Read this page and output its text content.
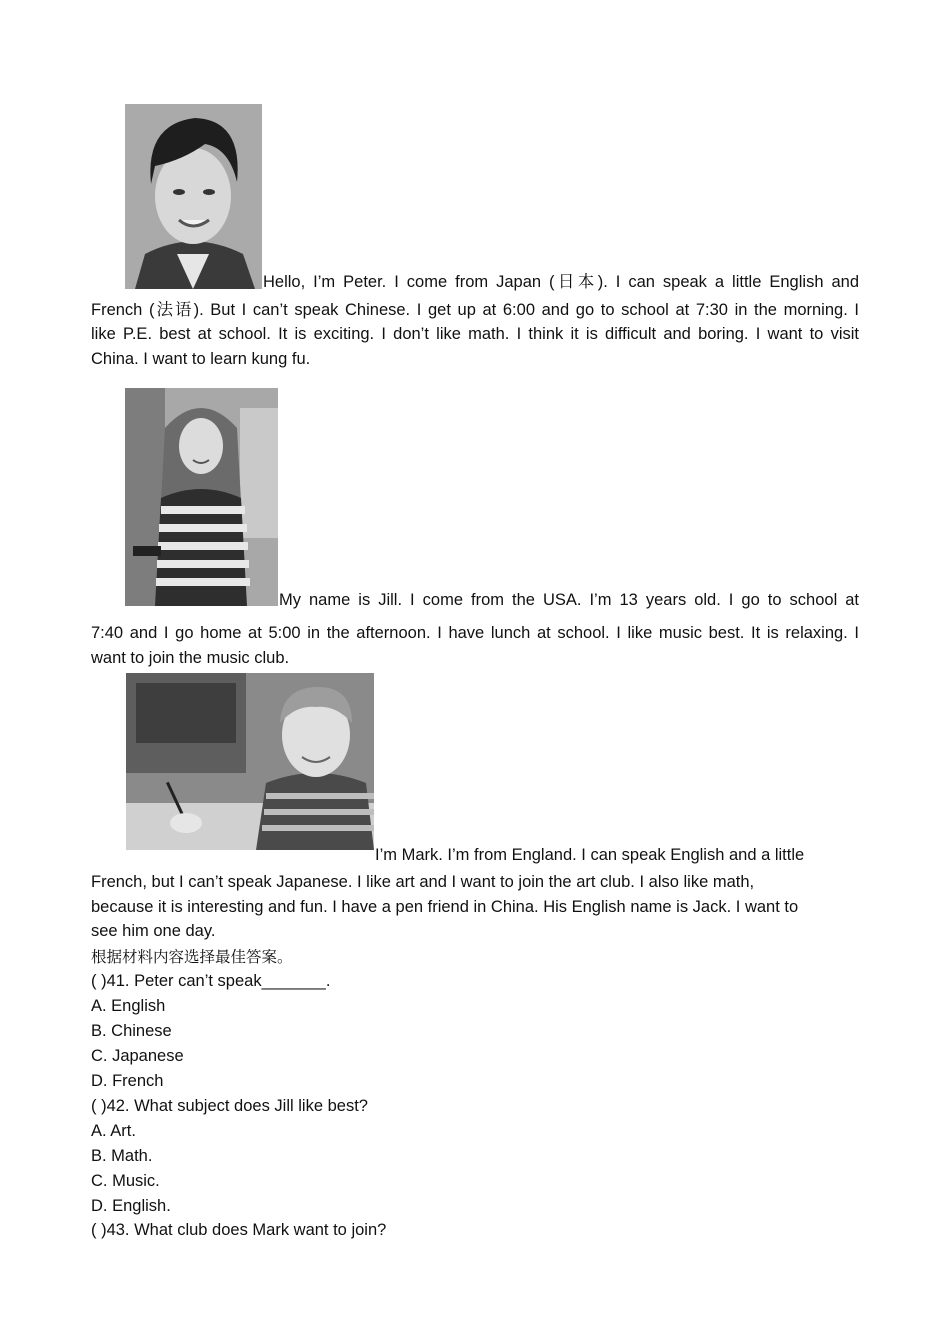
Hello, I’m Peter. I come from Japan (日本). I can speak a little English and
French (法语). But I can’t speak Chinese. I get up at 6:00 and go to school at 7:30 in the morning. I
like P.E. best at school. It is exciting. I don’t like math. I think it is difficult and boring. I want to visit
China. I want to learn kung fu.
My name is Jill. I come from the USA. I’m 13 years old. I go to school at
7:40 and I go home at 5:00 in the afternoon. I have lunch at school. I like music best. It is relaxing. I
want to join the music club.
I’m Mark. I’m from England. I can speak English and a little
French, but I can’t speak Japanese. I like art and I want to join the art club. I also like math,
because it is interesting and fun. I have a pen friend in China. His English name is Jack. I want to
see him one day.
根据材料内容选择最佳答案。
( )41. Peter can’t speak_______.
A. English
B. Chinese
C. Japanese
D. French
( )42. What subject does Jill like best?
A. Art.
B. Math.
C. Music.
D. English.
( )43. What club does Mark want to join?
